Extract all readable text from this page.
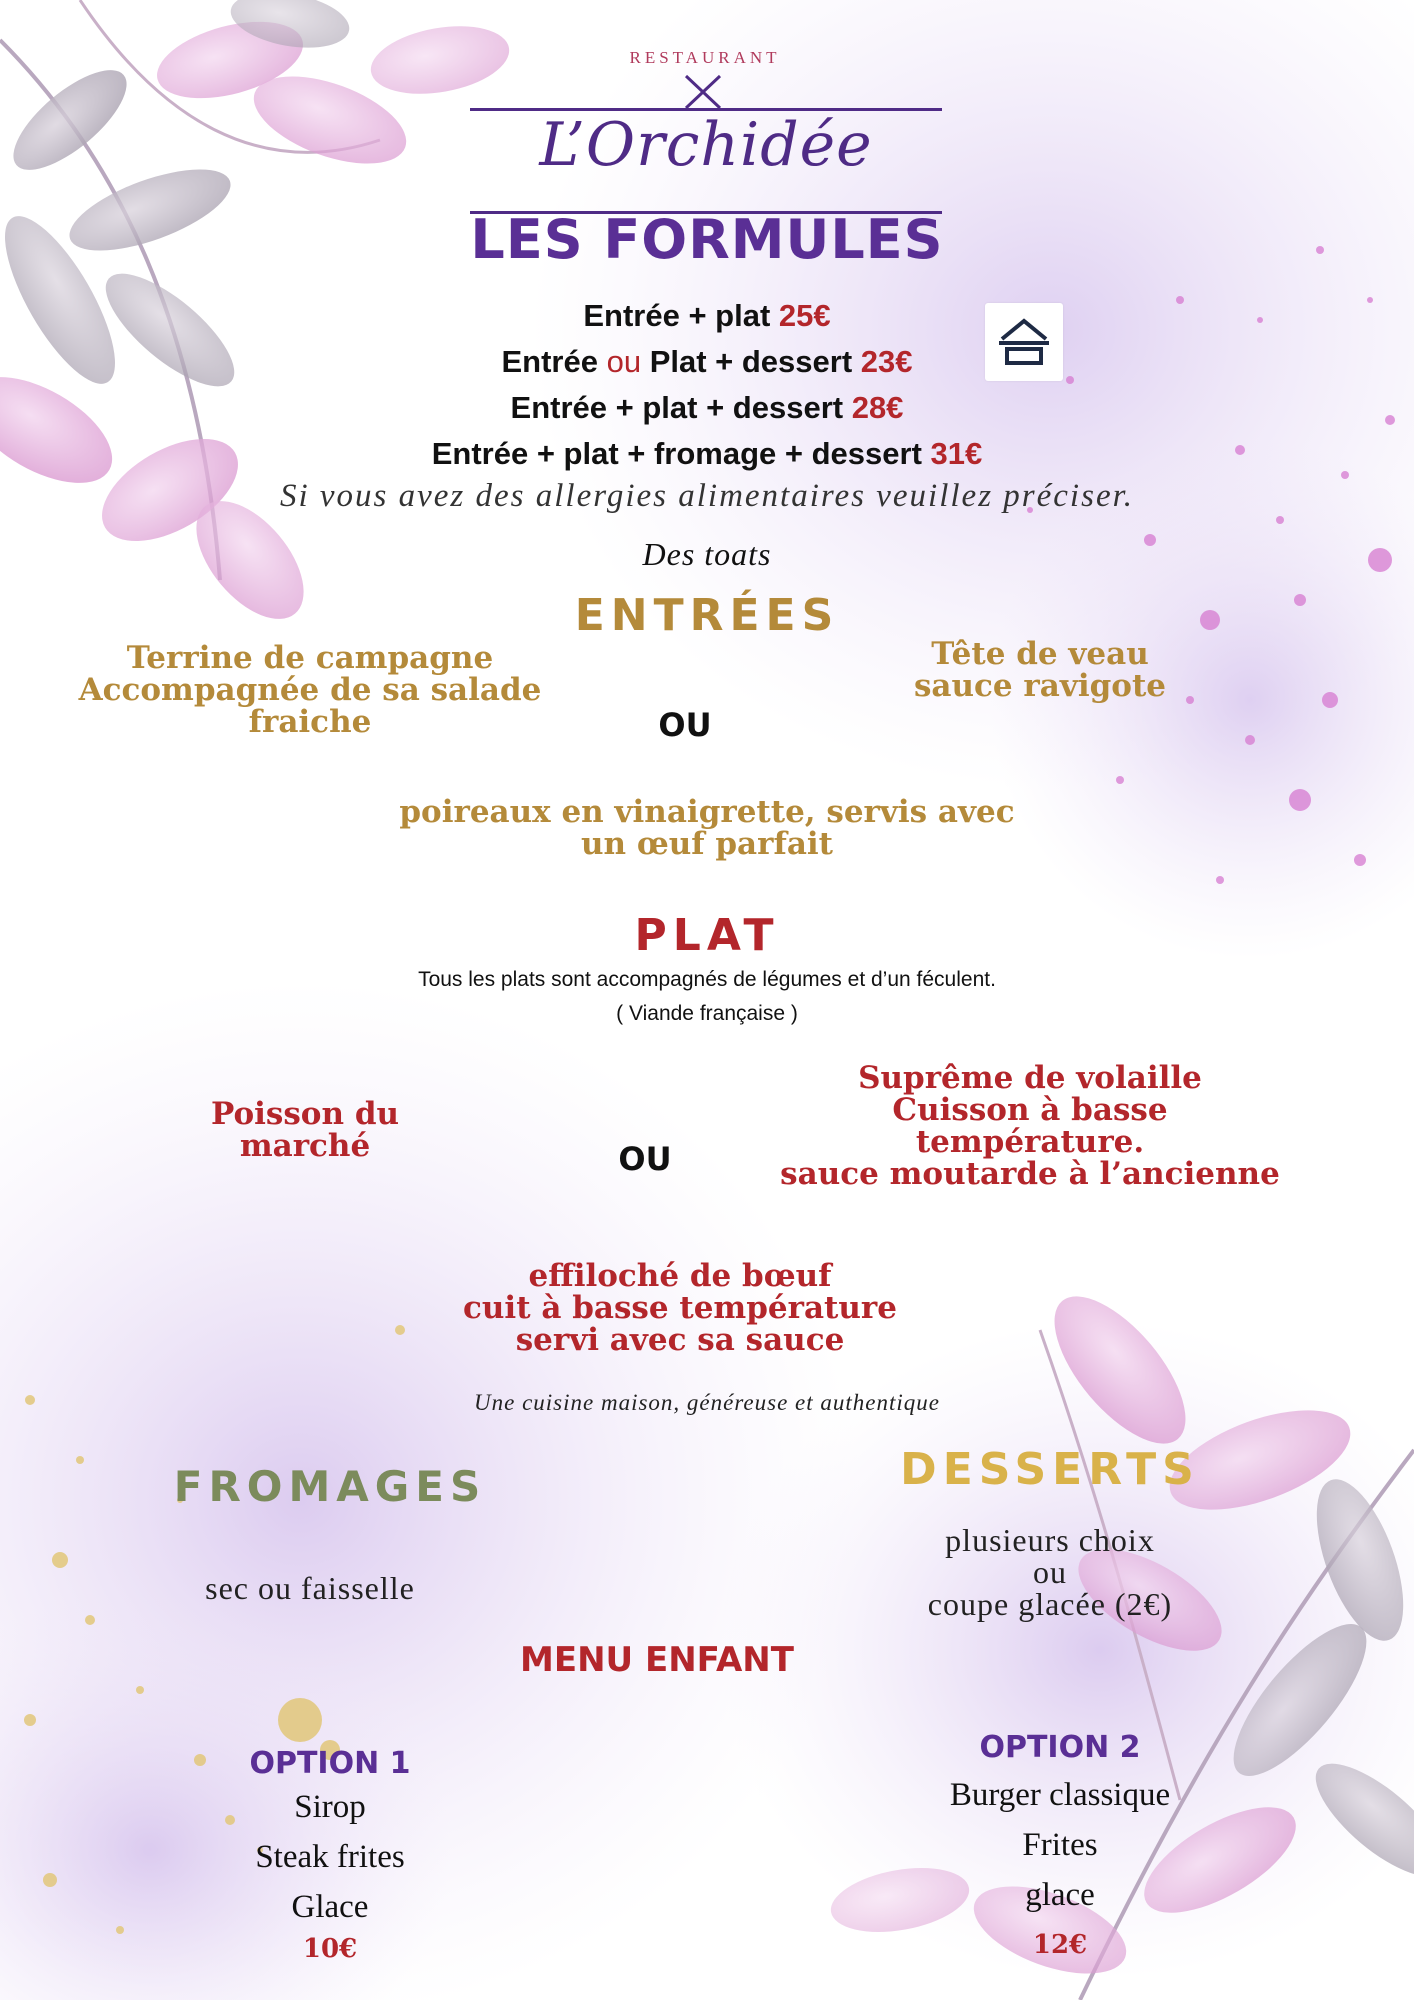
RESTAURANT
L’Orchidée
LES FORMULES
Entrée + plat 25€
Entrée ou Plat + dessert 23€
Entrée + plat + dessert 28€
Entrée + plat + fromage + dessert 31€
Si vous avez des allergies alimentaires veuillez préciser.
Des toats
ENTRÉES
Terrine de campagne
Accompagnée de sa salade
fraiche
Tête de veau
sauce ravigote
OU
poireaux en vinaigrette, servis avec
un œuf parfait
PLAT
Tous les plats sont accompagnés de légumes et d’un féculent.
( Viande française )
Poisson du
marché	OU
Suprême de volaille
Cuisson à basse
température.
sauce moutarde à l’ancienne
effiloché de bœuf
cuit à basse température
servi avec sa sauce
Une cuisine maison, généreuse et authentique
FROMAGES
sec ou faisselle
DESSERTS
plusieurs choix
ou
coupe glacée (2€)
MENU ENFANT
OPTION 1
Sirop
Steak frites
Glace
10€
OPTION 2
Burger classique
Frites
glace
12€
